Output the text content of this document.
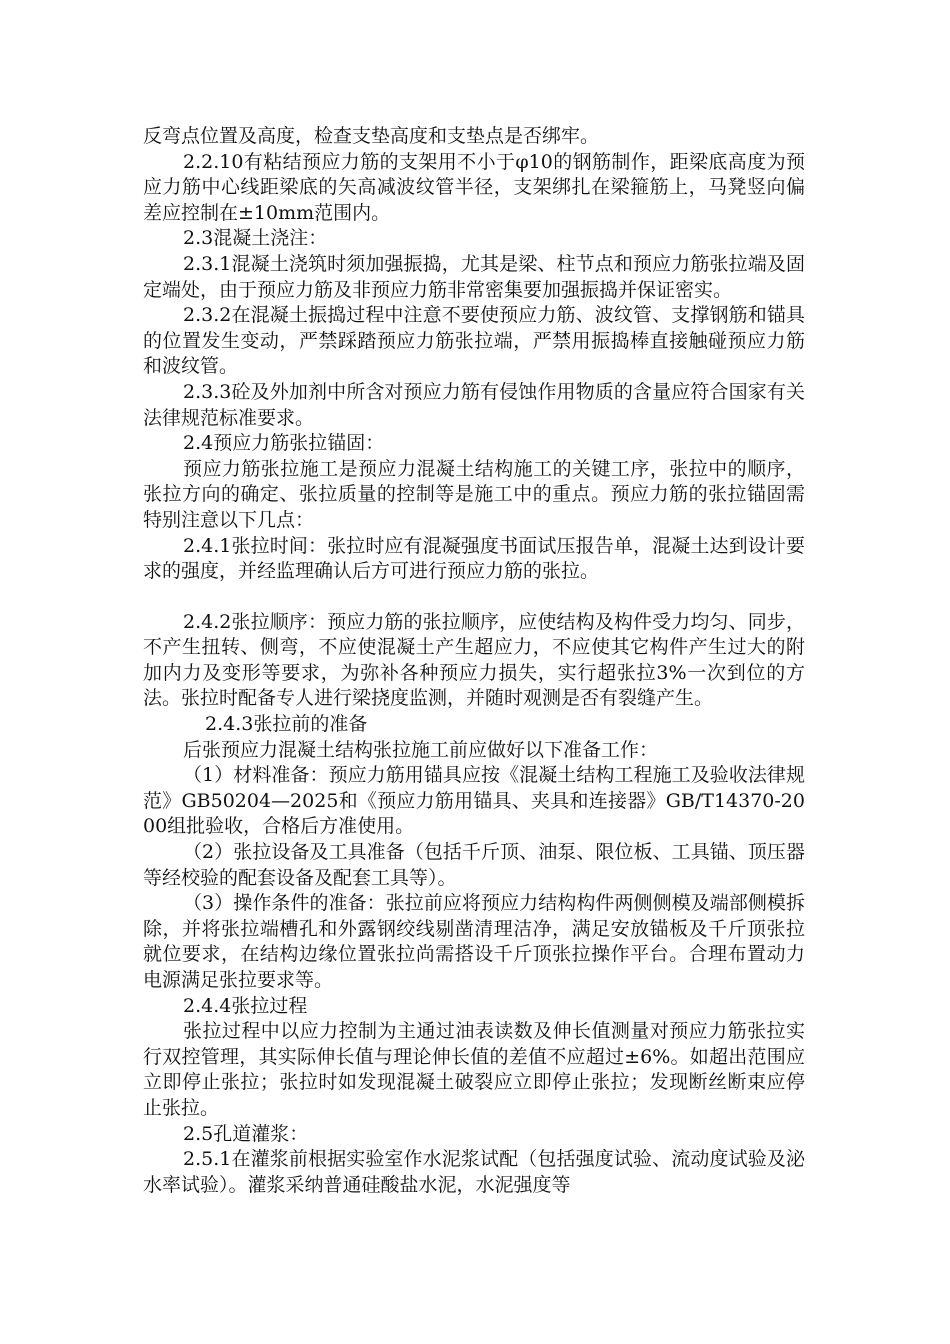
反弯点位置及高度，检查支垫高度和支垫点是否绑牢。

2.2.10有粘结预应力筋的支架用不小于φ10的钢筋制作，距梁底高度为预应力筋中心线距梁底的矢高减波纹管半径，支架绑扎在梁箍筋上，马凳竖向偏差应控制在±10mm范围内。

2.3混凝土浇注：

2.3.1混凝土浇筑时须加强振捣，尤其是梁、柱节点和预应力筋张拉端及固定端处，由于预应力筋及非预应力筋非常密集要加强振捣并保证密实。

2.3.2在混凝土振捣过程中注意不要使预应力筋、波纹管、支撑钢筋和锚具的位置发生变动，严禁踩踏预应力筋张拉端，严禁用振捣棒直接触碰预应力筋和波纹管。

2.3.3砼及外加剂中所含对预应力筋有侵蚀作用物质的含量应符合国家有关法律规范标准要求。

2.4预应力筋张拉锚固：

预应力筋张拉施工是预应力混凝土结构施工的关键工序，张拉中的顺序，张拉方向的确定、张拉质量的控制等是施工中的重点。预应力筋的张拉锚固需特别注意以下几点：

2.4.1张拉时间：张拉时应有混凝强度书面试压报告单，混凝土达到设计要求的强度，并经监理确认后方可进行预应力筋的张拉。

2.4.2张拉顺序：预应力筋的张拉顺序，应使结构及构件受力均匀、同步，不产生扭转、侧弯，不应使混凝土产生超应力，不应使其它构件产生过大的附加内力及变形等要求，为弥补各种预应力损失，实行超张拉3%一次到位的方法。张拉时配备专人进行梁挠度监测，并随时观测是否有裂缝产生。

2.4.3张拉前的准备

后张预应力混凝土结构张拉施工前应做好以下准备工作：

（1）材料准备：预应力筋用锚具应按《混凝土结构工程施工及验收法律规范》GB50204—2025和《预应力筋用锚具、夹具和连接器》GB/T14370-2000组批验收，合格后方准使用。

（2）张拉设备及工具准备（包括千斤顶、油泵、限位板、工具锚、顶压器等经校验的配套设备及配套工具等）。

（3）操作条件的准备：张拉前应将预应力结构构件两侧侧模及端部侧模拆除，并将张拉端槽孔和外露钢绞线剔凿清理洁净，满足安放锚板及千斤顶张拉就位要求，在结构边缘位置张拉尚需搭设千斤顶张拉操作平台。合理布置动力电源满足张拉要求等。

2.4.4张拉过程

张拉过程中以应力控制为主通过油表读数及伸长值测量对预应力筋张拉实行双控管理，其实际伸长值与理论伸长值的差值不应超过±6%。如超出范围应立即停止张拉；张拉时如发现混凝土破裂应立即停止张拉；发现断丝断束应停止张拉。

2.5孔道灌浆：

2.5.1在灌浆前根据实验室作水泥浆试配（包括强度试验、流动度试验及泌水率试验）。灌浆采纳普通硅酸盐水泥，水泥强度等
